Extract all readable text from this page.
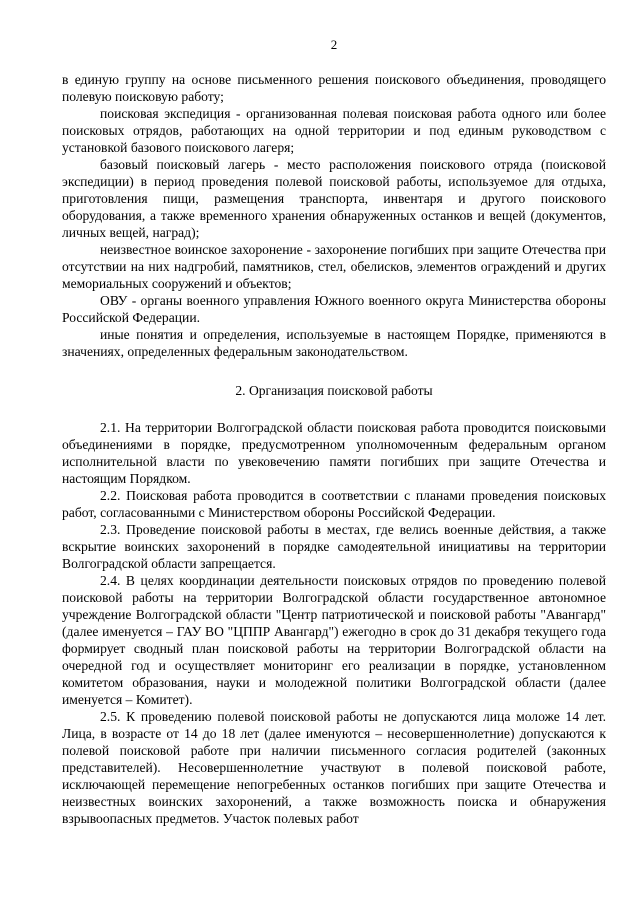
2

в единую группу на основе письменного решения поискового объединения, проводящего полевую поисковую работу;

поисковая экспедиция - организованная полевая поисковая работа одного или более поисковых отрядов, работающих на одной территории и под единым руководством с установкой базового поискового лагеря;

базовый поисковый лагерь - место расположения поискового отряда (поисковой экспедиции) в период проведения полевой поисковой работы, используемое для отдыха, приготовления пищи, размещения транспорта, инвентаря и другого поискового оборудования, а также временного хранения обнаруженных останков и вещей (документов, личных вещей, наград);

неизвестное воинское захоронение - захоронение погибших при защите Отечества при отсутствии на них надгробий, памятников, стел, обелисков, элементов ограждений и других мемориальных сооружений и объектов;

ОВУ - органы военного управления Южного военного округа Министерства обороны Российской Федерации.

иные понятия и определения, используемые в настоящем Порядке, применяются в значениях, определенных федеральным законодательством.

2. Организация поисковой работы

2.1. На территории Волгоградской области поисковая работа проводится поисковыми объединениями в порядке, предусмотренном уполномоченным федеральным органом исполнительной власти по увековечению памяти погибших при защите Отечества и настоящим Порядком.

2.2. Поисковая работа проводится в соответствии с планами проведения поисковых работ, согласованными с Министерством обороны Российской Федерации.

2.3. Проведение поисковой работы в местах, где велись военные действия, а также вскрытие воинских захоронений в порядке самодеятельной инициативы на территории Волгоградской области запрещается.

2.4. В целях координации деятельности поисковых отрядов по проведению полевой поисковой работы на территории Волгоградской области государственное автономное учреждение Волгоградской области "Центр патриотической и поисковой работы "Авангард" (далее именуется – ГАУ ВО "ЦППР Авангард") ежегодно в срок до 31 декабря текущего года формирует сводный план поисковой работы на территории Волгоградской области на очередной год и осуществляет мониторинг его реализации в порядке, установленном комитетом образования, науки и молодежной политики Волгоградской области (далее именуется – Комитет).

2.5. К проведению полевой поисковой работы не допускаются лица моложе 14 лет. Лица, в возрасте от 14 до 18 лет (далее именуются – несовершеннолетние) допускаются к полевой поисковой работе при наличии письменного согласия родителей (законных представителей). Несовершеннолетние участвуют в полевой поисковой работе, исключающей перемещение непогребенных останков погибших при защите Отечества и неизвестных воинских захоронений, а также возможность поиска и обнаружения взрывоопасных предметов. Участок полевых работ
